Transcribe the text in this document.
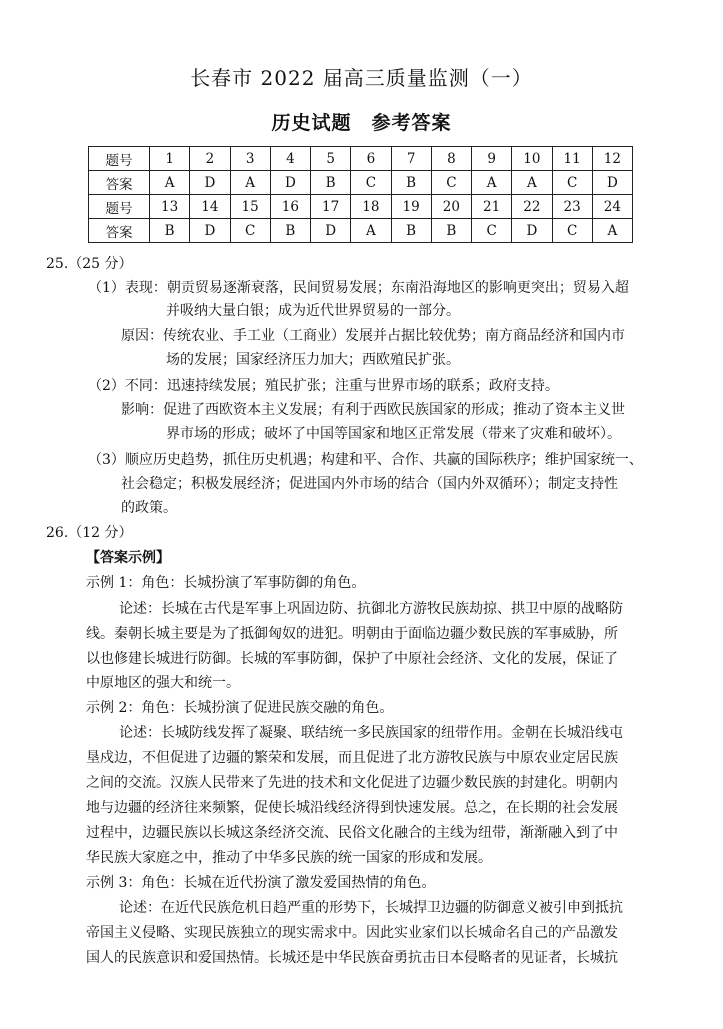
长春市 2022 届高三质量监测（一）
历史试题 参考答案
题号	1	2	3	4	5	6	7	8	9	10	11	12
答案	A	D	A	D	B	C	B	C	A	A	C	D
题号	13	14	15	16	17	18	19	20	21	22	23	24
答案	B	D	C	B	D	A	B	B	C	D	C	A
25.（25 分）
（1）表现：朝贡贸易逐渐衰落，民间贸易发展；东南沿海地区的影响更突出；贸易入超
并吸纳大量白银；成为近代世界贸易的一部分。
原因：传统农业、手工业（工商业）发展并占据比较优势；南方商品经济和国内市
场的发展；国家经济压力加大；西欧殖民扩张。
（2）不同：迅速持续发展；殖民扩张；注重与世界市场的联系；政府支持。
影响：促进了西欧资本主义发展；有利于西欧民族国家的形成；推动了资本主义世
界市场的形成；破坏了中国等国家和地区正常发展（带来了灾难和破坏）。
（3）顺应历史趋势，抓住历史机遇；构建和平、合作、共赢的国际秩序；维护国家统一、
社会稳定；积极发展经济；促进国内外市场的结合（国内外双循环）；制定支持性
的政策。
26.（12 分）
【答案示例】
示例 1：角色：长城扮演了军事防御的角色。
论述：长城在古代是军事上巩固边防、抗御北方游牧民族劫掠、拱卫中原的战略防
线。秦朝长城主要是为了抵御匈奴的进犯。明朝由于面临边疆少数民族的军事威胁，所
以也修建长城进行防御。长城的军事防御，保护了中原社会经济、文化的发展，保证了
中原地区的强大和统一。
示例 2：角色：长城扮演了促进民族交融的角色。
论述：长城防线发挥了凝聚、联结统一多民族国家的纽带作用。金朝在长城沿线屯
垦戍边，不但促进了边疆的繁荣和发展，而且促进了北方游牧民族与中原农业定居民族
之间的交流。汉族人民带来了先进的技术和文化促进了边疆少数民族的封建化。明朝内
地与边疆的经济往来频繁，促使长城沿线经济得到快速发展。总之，在长期的社会发展
过程中，边疆民族以长城这条经济交流、民俗文化融合的主线为纽带，渐渐融入到了中
华民族大家庭之中，推动了中华多民族的统一国家的形成和发展。
示例 3：角色：长城在近代扮演了激发爱国热情的角色。
论述：在近代民族危机日趋严重的形势下，长城捍卫边疆的防御意义被引申到抵抗
帝国主义侵略、实现民族独立的现实需求中。因此实业家们以长城命名自己的产品激发
国人的民族意识和爱国热情。长城还是中华民族奋勇抗击日本侵略者的见证者，长城抗
